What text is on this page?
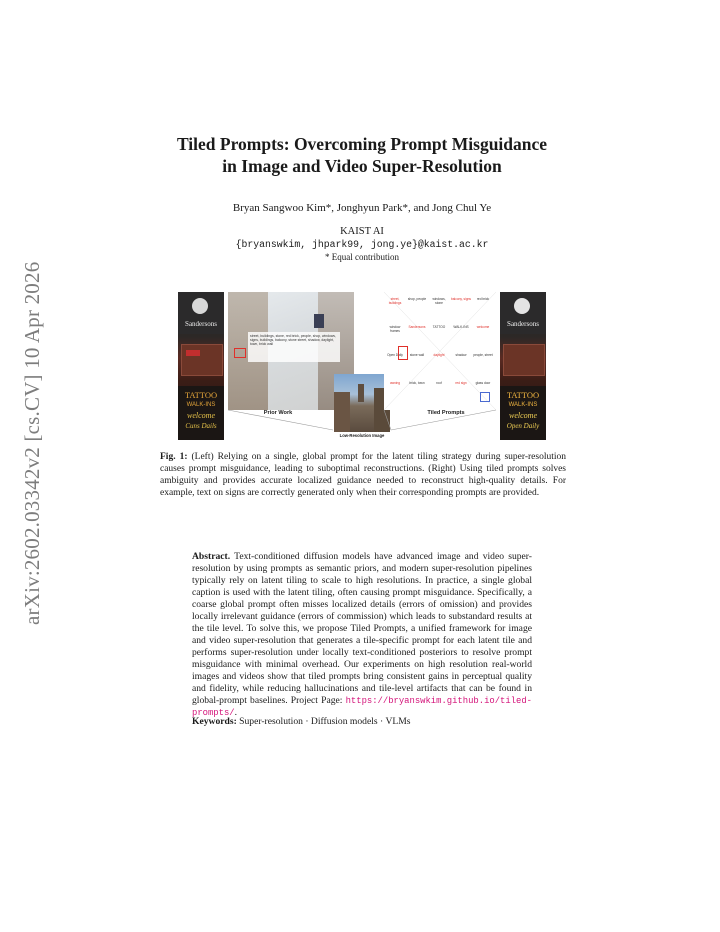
arXiv:2602.03342v2 [cs.CV] 10 Apr 2026
Tiled Prompts: Overcoming Prompt Misguidance
in Image and Video Super-Resolution
Bryan Sangwoo Kim*, Jonghyun Park*, and Jong Chul Ye
KAIST AI
{bryanswkim, jhpark99, jong.ye}@kaist.ac.kr
* Equal contribution
Sandersons
TATTOO
WALK-INS
welcome
Cuns Dails
street, buildings, stone, red brick, people, shop, windows, signs, buildings, balcony, stone street, shadow, daylight, town, brick wall
Prior Work
Low-Resolution Image
street, buildings
shop, people	windows, stone
balcony, signs	red brick
window frames
Sandersons	TATTOO	WALK-INS	welcome
Open Daily	stone wall	daylight	shadow	people, street
awning	brick, town	roof	red sign	glass door
Tiled Prompts
Sandersons
TATTOO
WALK-INS
welcome
Open Daily
Fig. 1: (Left) Relying on a single, global prompt for the latent tiling strategy during super-resolution causes prompt misguidance, leading to suboptimal reconstructions. (Right) Using tiled prompts solves ambiguity and provides accurate localized guidance needed to reconstruct high-quality details. For example, text on signs are correctly generated only when their corresponding prompts are provided.
Abstract. Text-conditioned diffusion models have advanced image and video super-resolution by using prompts as semantic priors, and modern super-resolution pipelines typically rely on latent tiling to scale to high resolutions. In practice, a single global caption is used with the latent tiling, often causing prompt misguidance. Specifically, a coarse global prompt often misses localized details (errors of omission) and provides locally irrelevant guidance (errors of commission) which leads to substandard results at the tile level. To solve this, we propose Tiled Prompts, a unified framework for image and video super-resolution that generates a tile-specific prompt for each latent tile and performs super-resolution under locally text-conditioned posteriors to resolve prompt misguidance with minimal overhead. Our experiments on high resolution real-world images and videos show that tiled prompts bring consistent gains in perceptual quality and fidelity, while reducing hallucinations and tile-level artifacts that can be found in global-prompt baselines. Project Page: https://bryanswkim.github.io/tiled-prompts/.
Keywords: Super-resolution · Diffusion models · VLMs
